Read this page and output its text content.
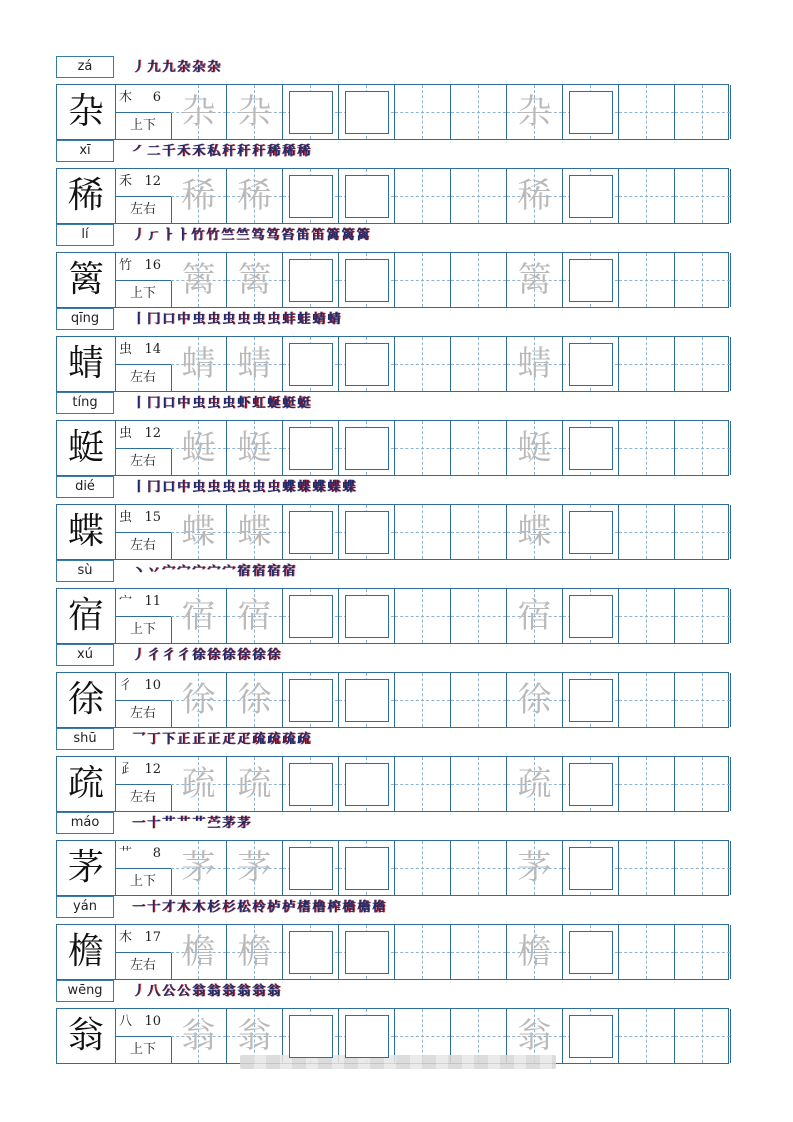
zá	丿 九 九 杂 杂 杂
杂	木 6
上下 杂 杂	杂
xī	㇒ 二 千 禾 禾 私 秆 秆 秆 稀 稀 稀
稀	禾 12
左右 稀 稀	稀
lí	丿 ㄏ ㅏ ㅏ 竹 竹 竺 竺 笃 笃 笞 笛 笛 篱 篱 篱
篱	竹 16
上下 篱 篱	篱
qīng	丨 冂 口 中 虫 虫 虫 虫 虫 虫 蚌 蛙 蜻 蜻
蜻	虫 14
左右 蜻 蜻	蜻
tíng	丨 冂 口 中 虫 虫 虫 虾 虹 蜒 蜓 蜓
蜓	虫 12
左右 蜓 蜓	蜓
dié	丨 冂 口 中 虫 虫 虫 虫 虫 虫 蝶 蝶 蝶 蝶 蝶
蝶	虫 15
左右 蝶 蝶	蝶
sù	丶 丷 宀 宀 宀 宀 宀 宿 宿 宿 宿
宿	宀 11
上下 宿 宿	宿
xú	丿 彳 彳 彳 徐 徐 徐 徐 徐 徐
徐	彳 10
左右 徐 徐	徐
shū	乛 丁 下 正 正 正 疋 疋 疏 疏 疏 疏
疏	𤴔 12
左右 疏 疏	疏
máo	一 十 艹 艹 艹 苎 茅 茅
茅	艹 8
上下 茅 茅	茅
yán	一 十 才 木 木 杉 杉 松 柃 栌 栌 榰 橹 榨 檐 檐 檐
檐	木 17
左右 檐 檐	檐
wēng	丿 八 公 公 翁 翁 翁 翁 翁 翁
翁	八 10
上下 翁 翁	翁
